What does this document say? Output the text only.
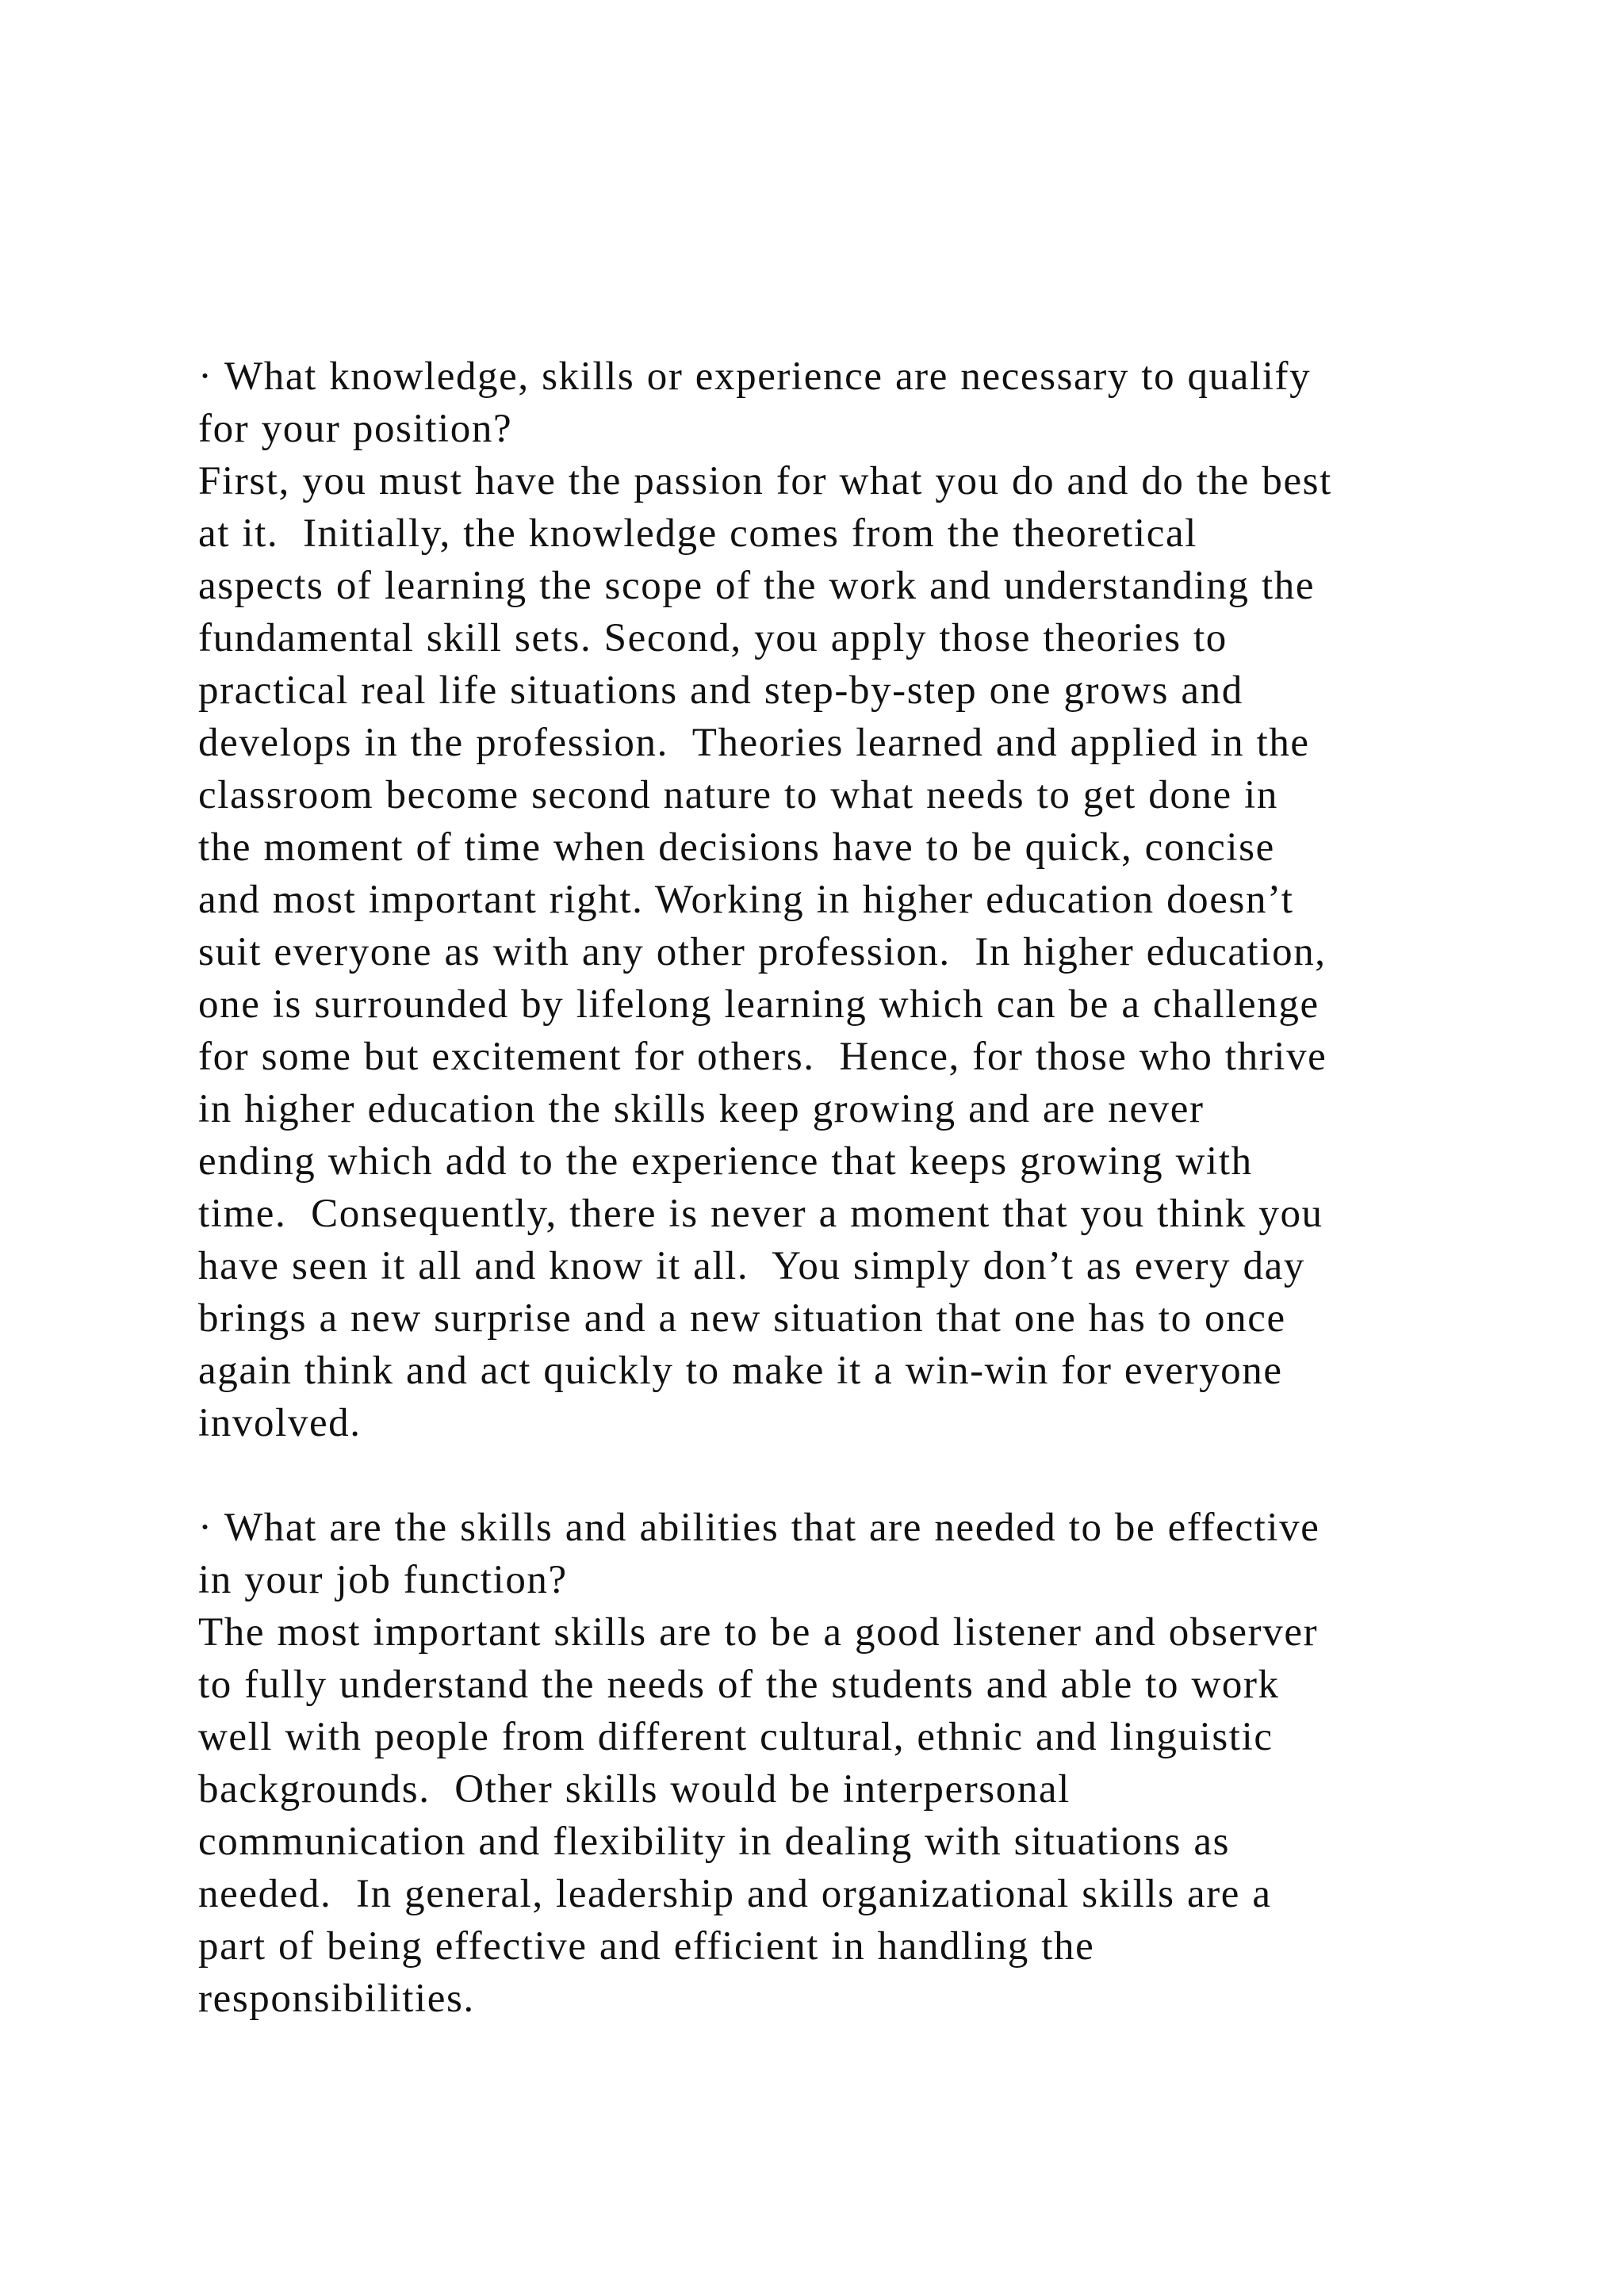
· What knowledge, skills or experience are necessary to qualify
for your position?
First, you must have the passion for what you do and do the best
at it.  Initially, the knowledge comes from the theoretical
aspects of learning the scope of the work and understanding the
fundamental skill sets. Second, you apply those theories to
practical real life situations and step-by-step one grows and
develops in the profession.  Theories learned and applied in the
classroom become second nature to what needs to get done in
the moment of time when decisions have to be quick, concise
and most important right. Working in higher education doesn’t
suit everyone as with any other profession.  In higher education,
one is surrounded by lifelong learning which can be a challenge
for some but excitement for others.  Hence, for those who thrive
in higher education the skills keep growing and are never
ending which add to the experience that keeps growing with
time.  Consequently, there is never a moment that you think you
have seen it all and know it all.  You simply don’t as every day
brings a new surprise and a new situation that one has to once
again think and act quickly to make it a win-win for everyone
involved.
· What are the skills and abilities that are needed to be effective
in your job function?
The most important skills are to be a good listener and observer
to fully understand the needs of the students and able to work
well with people from different cultural, ethnic and linguistic
backgrounds.  Other skills would be interpersonal
communication and flexibility in dealing with situations as
needed.  In general, leadership and organizational skills are a
part of being effective and efficient in handling the
responsibilities.
